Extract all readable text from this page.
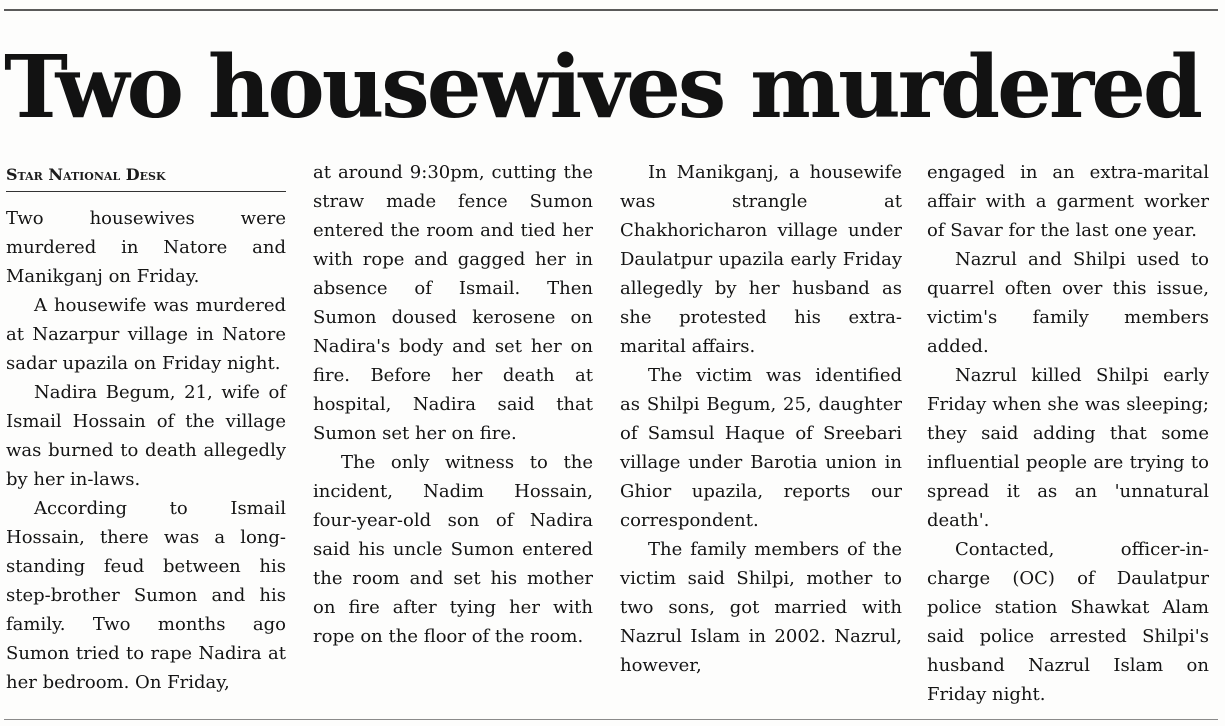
Two housewives murdered
Star National Desk

Two housewives were murdered in Natore and Manikganj on Friday.

A housewife was murdered at Nazarpur village in Natore sadar upazila on Friday night.

Nadira Begum, 21, wife of Ismail Hossain of the village was burned to death allegedly by her in-laws.

According to Ismail Hossain, there was a long-standing feud between his step-brother Sumon and his family. Two months ago Sumon tried to rape Nadira at her bedroom. On Friday,

at around 9:30pm, cutting the straw made fence Sumon entered the room and tied her with rope and gagged her in absence of Ismail. Then Sumon doused kerosene on Nadira's body and set her on fire. Before her death at hospital, Nadira said that Sumon set her on fire.

The only witness to the incident, Nadim Hossain, four-year-old son of Nadira said his uncle Sumon entered the room and set his mother on fire after tying her with rope on the floor of the room.

In Manikganj, a housewife was strangle at Chakhoricharon village under Daulatpur upazila early Friday allegedly by her husband as she protested his extra-marital affairs.

The victim was identified as Shilpi Begum, 25, daughter of Samsul Haque of Sreebari village under Barotia union in Ghior upazila, reports our correspondent.

The family members of the victim said Shilpi, mother to two sons, got married with Nazrul Islam in 2002. Nazrul, however,

engaged in an extra-marital affair with a garment worker of Savar for the last one year.

Nazrul and Shilpi used to quarrel often over this issue, victim's family members added.

Nazrul killed Shilpi early Friday when she was sleeping; they said adding that some influential people are trying to spread it as an 'unnatural death'.

Contacted, officer-in-charge (OC) of Daulatpur police station Shawkat Alam said police arrested Shilpi's husband Nazrul Islam on Friday night.
